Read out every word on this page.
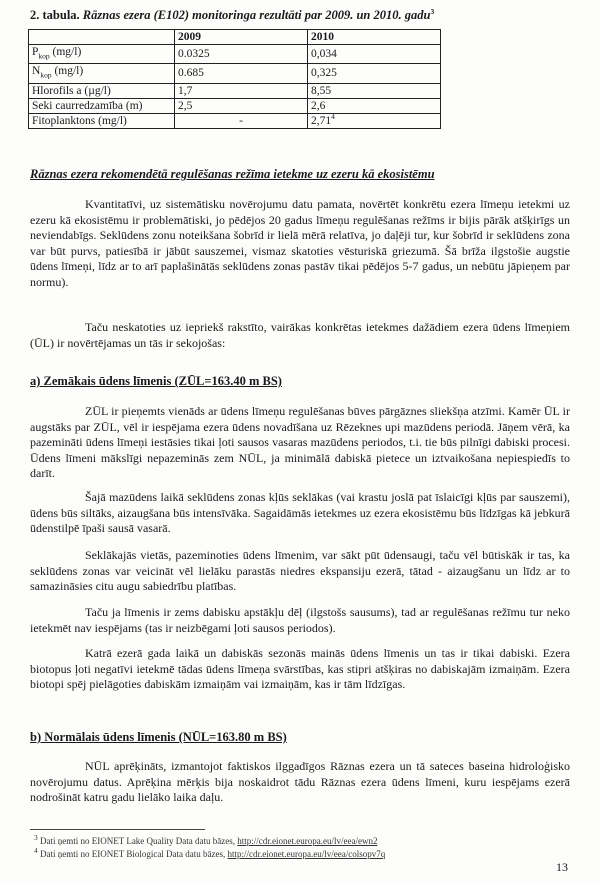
2. tabula. Rāznas ezera (E102) monitoringa rezultāti par 2009. un 2010. gadu$^3$
	2009	2010
$P_{kop}$ (mg/l)	0.0325	0,034
$N_{kop}$ (mg/l)	0.685	0,325
Hlorofils a (µg/l)	1,7	8,55
Seki caurredzamība (m)	2,5	2,6
Fitoplanktons (mg/l)	-	2,71$^4$
Rāznas ezera rekomendētā regulēšanas režīma ietekme uz ezeru kā ekosistēmu

Kvantitatīvi, uz sistemātisku novērojumu datu pamata, novērtēt konkrētu ezera līmeņu ietekmi uz ezeru kā ekosistēmu ir problemātiski, jo pēdējos 20 gadus līmeņu regulēšanas režīms ir bijis pārāk atšķirīgs un neviendabīgs. Seklūdens zonu noteikšana šobrīd ir lielā mērā relatīva, jo daļēji tur, kur šobrīd ir seklūdens zona var būt purvs, patiesībā ir jābūt sauszemei, vismaz skatoties vēsturiskā griezumā. Šā brīža ilgstošie augstie ūdens līmeņi, līdz ar to arī paplašinātās seklūdens zonas pastāv tikai pēdējos 5-7 gadus, un nebūtu jāpieņem par normu).

Taču neskatoties uz iepriekš rakstīto, vairākas konkrētas ietekmes dažādiem ezera ūdens līmeņiem (ŪL) ir novērtējamas un tās ir sekojošas:

a) Zemākais ūdens līmenis (ZŪL=163.40 m BS)

ZŪL ir pieņemts vienāds ar ūdens līmeņu regulēšanas būves pārgāznes sliekšņa atzīmi. Kamēr ŪL ir augstāks par ZŪL, vēl ir iespējama ezera ūdens novadīšana uz Rēzeknes upi mazūdens periodā. Jāņem vērā, ka pazemināti ūdens līmeņi iestāsies tikai ļoti sausos vasaras mazūdens periodos, t.i. tie būs pilnīgi dabiski procesi. Ūdens līmeni mākslīgi nepazeminās zem NŪL, ja minimālā dabiskā pietece un iztvaikošana nepiespiedīs to darīt.

Šajā mazūdens laikā seklūdens zonas kļūs seklākas (vai krastu joslā pat īslaicīgi kļūs par sauszemi), ūdens būs siltāks, aizaugšana būs intensīvāka. Sagaidāmās ietekmes uz ezera ekosistēmu būs līdzīgas kā jebkurā ūdenstilpē īpaši sausā vasarā.

Seklākajās vietās, pazeminoties ūdens līmenim, var sākt pūt ūdensaugi, taču vēl būtiskāk ir tas, ka seklūdens zonas var veicināt vēl lielāku parastās niedres ekspansiju ezerā, tātad - aizaugšanu un līdz ar to samazināsies citu augu sabiedrību platības.

Taču ja līmenis ir zems dabisku apstākļu dēļ (ilgstošs sausums), tad ar regulēšanas režīmu tur neko ietekmēt nav iespējams (tas ir neizbēgami ļoti sausos periodos).

Katrā ezerā gada laikā un dabiskās sezonās mainās ūdens līmenis un tas ir tikai dabiski. Ezera biotopus ļoti negatīvi ietekmē tādas ūdens līmeņa svārstības, kas stipri atšķiras no dabiskajām izmaiņām. Ezera biotopi spēj pielāgoties dabiskām izmaiņām vai izmaiņām, kas ir tām līdzīgas.

b) Normālais ūdens līmenis (NŪL=163.80 m BS)

NŪL aprēķināts, izmantojot faktiskos ilggadīgos Rāznas ezera un tā sateces baseina hidroloģisko novērojumu datus. Aprēķina mērķis bija noskaidrot tādu Rāznas ezera ūdens līmeni, kuru iespējams ezerā nodrošināt katru gadu lielāko laika daļu.

$^3$ Dati ņemti no EIONET Lake Quality Data datu bāzes, http://cdr.eionet.europa.eu/lv/eea/ewn2
$^4$ Dati ņemti no EIONET Biological Data datu bāzes, http://cdr.eionet.europa.eu/lv/eea/colsopv7q
13
